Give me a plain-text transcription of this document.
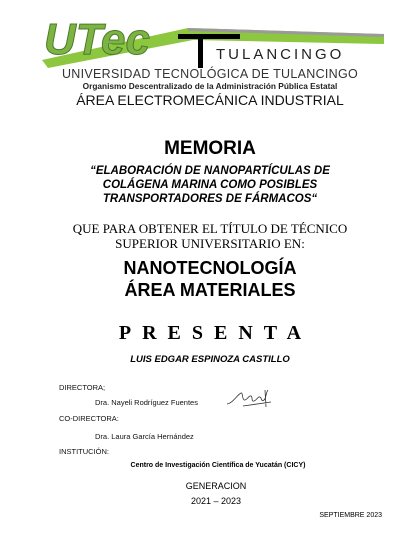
UTec	TULANCINGO
UNIVERSIDAD TECNOLÓGICA DE TULANCINGO
Organismo Descentralizado de la Administración Pública Estatal
ÁREA ELECTROMECÁNICA INDUSTRIAL
MEMORIA
“ELABORACIÓN DE NANOPARTÍCULAS DE COLÁGENA MARINA COMO POSIBLES TRANSPORTADORES DE FÁRMACOS“
QUE PARA OBTENER EL TÍTULO DE TÉCNICO
SUPERIOR UNIVERSITARIO EN:
NANOTECNOLOGÍA
ÁREA MATERIALES
PRESENTA
LUIS EDGAR ESPINOZA CASTILLO
DIRECTORA;
Dra. Nayeli Rodríguez Fuentes
CO-DIRECTORA:
Dra. Laura García Hernández
INSTITUCIÓN:
Centro de Investigación Científica de Yucatán (CICY)
GENERACION
2021 – 2023
SEPTIEMBRE 2023
